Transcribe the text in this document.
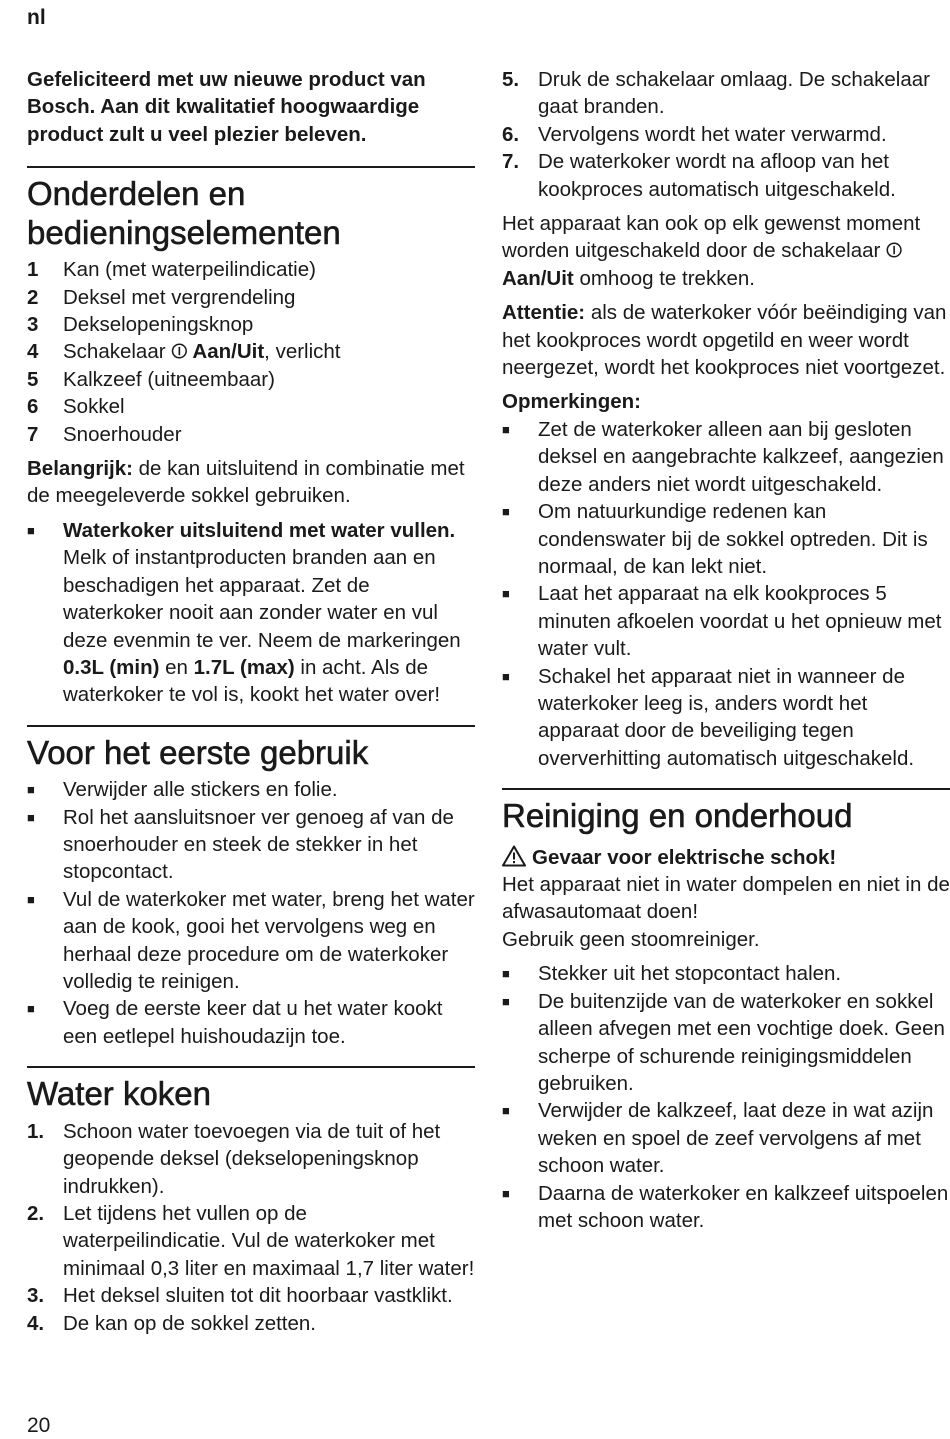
nl

Gefeliciteerd met uw nieuwe product van Bosch. Aan dit kwalitatief hoogwaardige product zult u veel plezier beleven.

Onderdelen en bedieningselementen
1	Kan (met waterpeilindicatie)
2	Deksel met vergrendeling
3	Dekselopeningsknop
4	Schakelaar ⏼ Aan/Uit, verlicht
5	Kalkzeef (uitneembaar)
6	Sokkel
7	Snoerhouder

Belangrijk: de kan uitsluitend in combinatie met de meegeleverde sokkel gebruiken.

■	Waterkoker uitsluitend met water vullen. Melk of instantproducten branden aan en beschadigen het apparaat. Zet de waterkoker nooit aan zonder water en vul deze evenmin te ver. Neem de markeringen 0.3L (min) en 1.7L (max) in acht. Als de waterkoker te vol is, kookt het water over!
Voor het eerste gebruik
■	Verwijder alle stickers en folie.
■	Rol het aansluitsnoer ver genoeg af van de snoerhouder en steek de stekker in het stopcontact.
■	Vul de waterkoker met water, breng het water aan de kook, gooi het vervolgens weg en herhaal deze procedure om de waterkoker volledig te reinigen.
■	Voeg de eerste keer dat u het water kookt een eetlepel huishoudazijn toe.
Water koken
1. Schoon water toevoegen via de tuit of het geopende deksel (dekselopeningsknop indrukken).
2. Let tijdens het vullen op de waterpeilindicatie. Vul de waterkoker met minimaal 0,3 liter en maximaal 1,7 liter water!
3. Het deksel sluiten tot dit hoorbaar vastklikt.
4. De kan op de sokkel zetten.
5. Druk de schakelaar omlaag. De schakelaar gaat branden.
6. Vervolgens wordt het water verwarmd.
7. De waterkoker wordt na afloop van het kookproces automatisch uitgeschakeld.

Het apparaat kan ook op elk gewenst moment worden uitgeschakeld door de schakelaar ⏼ Aan/Uit omhoog te trekken.

Attentie: als de waterkoker vóór beëindiging van het kookproces wordt opgetild en weer wordt neergezet, wordt het kookproces niet voortgezet.

Opmerkingen:
■	Zet de waterkoker alleen aan bij gesloten deksel en aangebrachte kalkzeef, aangezien deze anders niet wordt uitgeschakeld.
■	Om natuurkundige redenen kan condenswater bij de sokkel optreden. Dit is normaal, de kan lekt niet.
■	Laat het apparaat na elk kookproces 5 minuten afkoelen voordat u het opnieuw met water vult.
■	Schakel het apparaat niet in wanneer de waterkoker leeg is, anders wordt het apparaat door de beveiliging tegen oververhitting automatisch uitgeschakeld.
Reiniging en onderhoud
Gevaar voor elektrische schok!
Het apparaat niet in water dompelen en niet in de afwasautomaat doen!

Gebruik geen stoomreiniger.

■	Stekker uit het stopcontact halen.
■	De buitenzijde van de waterkoker en sokkel alleen afvegen met een vochtige doek. Geen scherpe of schurende reinigingsmiddelen gebruiken.
■	Verwijder de kalkzeef, laat deze in wat azijn weken en spoel de zeef vervolgens af met schoon water.
■	Daarna de waterkoker en kalkzeef uitspoelen met schoon water.
20
